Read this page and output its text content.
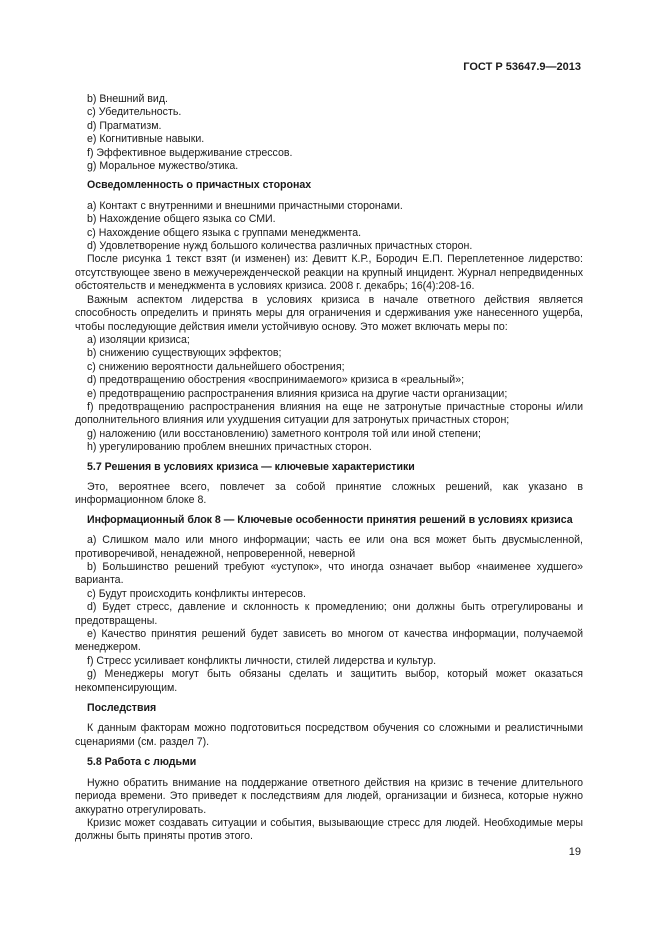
ГОСТ Р 53647.9—2013
b) Внешний вид.
c) Убедительность.
d) Прагматизм.
e) Когнитивные навыки.
f) Эффективное выдерживание стрессов.
g) Моральное мужество/этика.
Осведомленность о причастных сторонах
a) Контакт с внутренними и внешними причастными сторонами.
b) Нахождение общего языка со СМИ.
c) Нахождение общего языка с группами менеджмента.
d) Удовлетворение нужд большого количества различных причастных сторон.

После рисунка 1 текст взят (и изменен) из: Девитт К.Р., Бородич Е.П. Переплетенное лидерство: отсутствующее звено в межучережденческой реакции на крупный инцидент. Журнал непредвиденных обстоятельств и менеджмента в условиях кризиса. 2008 г. декабрь; 16(4):208-16.

Важным аспектом лидерства в условиях кризиса в начале ответного действия является способность определить и принять меры для ограничения и сдерживания уже нанесенного ущерба, чтобы последующие действия имели устойчивую основу. Это может включать меры по:

a) изоляции кризиса;
b) снижению существующих эффектов;
c) снижению вероятности дальнейшего обострения;
d) предотвращению обострения «воспринимаемого» кризиса в «реальный»;
e) предотвращению распространения влияния кризиса на другие части организации;

f) предотвращению распространения влияния на еще не затронутые причастные стороны и/или дополнительного влияния или ухудшения ситуации для затронутых причастных сторон;

g) наложению (или восстановлению) заметного контроля той или иной степени;
h) урегулированию проблем внешних причастных сторон.
5.7 Решения в условиях кризиса — ключевые характеристики

Это, вероятнее всего, повлечет за собой принятие сложных решений, как указано в информационном блоке 8.

Информационный блок 8 — Ключевые особенности принятия решений в условиях кризиса

a) Слишком мало или много информации; часть ее или она вся может быть двусмысленной, противоречивой, ненадежной, непроверенной, неверной

b) Большинство решений требуют «уступок», что иногда означает выбор «наименее худшего» варианта.

c) Будут происходить конфликты интересов.

d) Будет стресс, давление и склонность к промедлению; они должны быть отрегулированы и предотвращены.

e) Качество принятия решений будет зависеть во многом от качества информации, получаемой менеджером.

f) Стресс усиливает конфликты личности, стилей лидерства и культур.

g) Менеджеры могут быть обязаны сделать и защитить выбор, который может оказаться некомпенсирующим.

Последствия

К данным факторам можно подготовиться посредством обучения со сложными и реалистичными сценариями (см. раздел 7).

5.8 Работа с людьми

Нужно обратить внимание на поддержание ответного действия на кризис в течение длительного периода времени. Это приведет к последствиям для людей, организации и бизнеса, которые нужно аккуратно отрегулировать.

Кризис может создавать ситуации и события, вызывающие стресс для людей. Необходимые меры должны быть приняты против этого.

19
